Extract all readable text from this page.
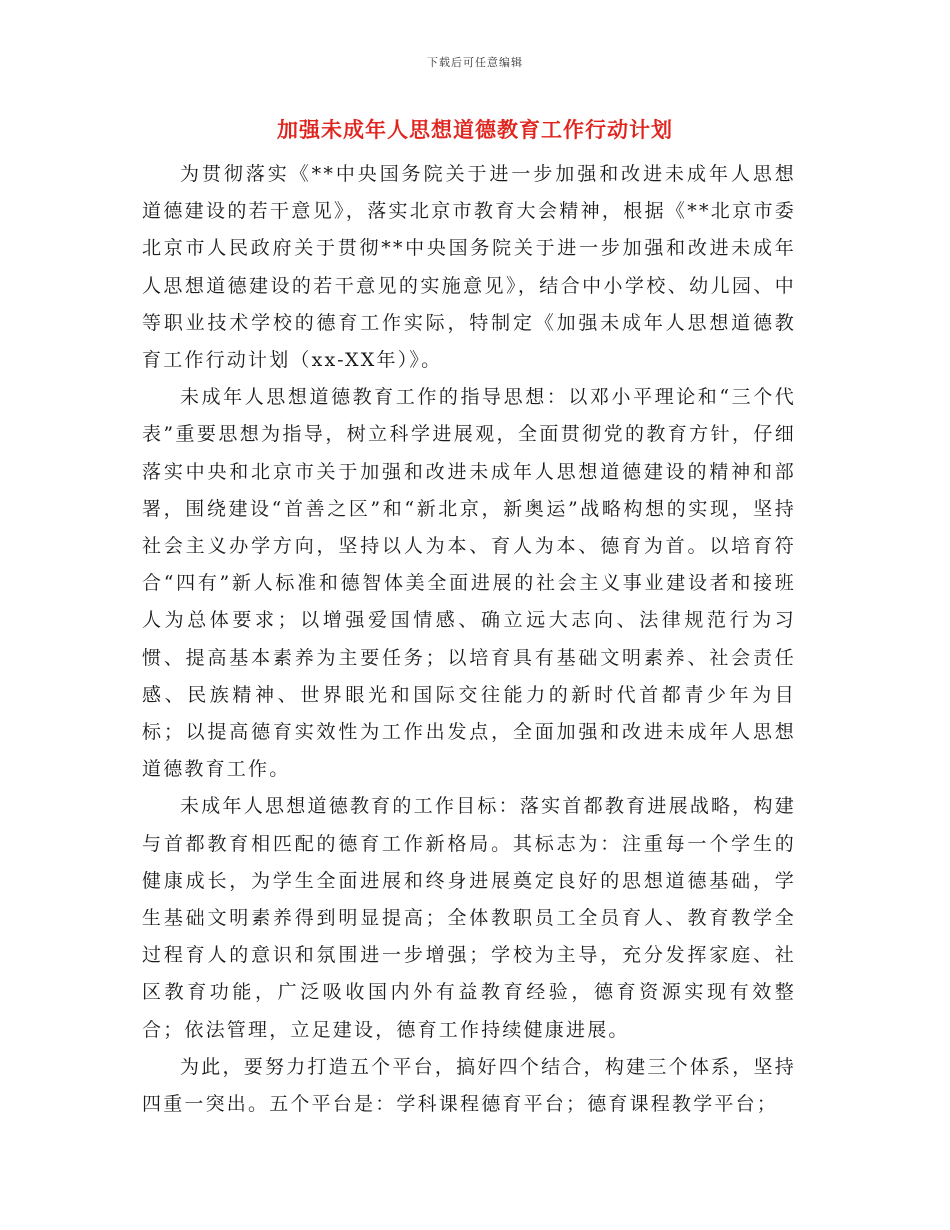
下载后可任意编辑
加强未成年人思想道德教育工作行动计划

为贯彻落实《**中央国务院关于进一步加强和改进未成年人思想道德建设的若干意见》，落实北京市教育大会精神，根据《**北京市委北京市人民政府关于贯彻**中央国务院关于进一步加强和改进未成年人思想道德建设的若干意见的实施意见》，结合中小学校、幼儿园、中等职业技术学校的德育工作实际，特制定《加强未成年人思想道德教育工作行动计划（xx-XX年）》。

未成年人思想道德教育工作的指导思想：以邓小平理论和“三个代表”重要思想为指导，树立科学进展观，全面贯彻党的教育方针，仔细落实中央和北京市关于加强和改进未成年人思想道德建设的精神和部署，围绕建设“首善之区”和“新北京，新奥运”战略构想的实现，坚持社会主义办学方向，坚持以人为本、育人为本、德育为首。以培育符合“四有”新人标准和德智体美全面进展的社会主义事业建设者和接班人为总体要求；以增强爱国情感、确立远大志向、法律规范行为习惯、提高基本素养为主要任务；以培育具有基础文明素养、社会责任感、民族精神、世界眼光和国际交往能力的新时代首都青少年为目标；以提高德育实效性为工作出发点，全面加强和改进未成年人思想道德教育工作。

未成年人思想道德教育的工作目标：落实首都教育进展战略，构建与首都教育相匹配的德育工作新格局。其标志为：注重每一个学生的健康成长，为学生全面进展和终身进展奠定良好的思想道德基础，学生基础文明素养得到明显提高；全体教职员工全员育人、教育教学全过程育人的意识和氛围进一步增强；学校为主导，充分发挥家庭、社区教育功能，广泛吸收国内外有益教育经验，德育资源实现有效整合；依法管理，立足建设，德育工作持续健康进展。

为此，要努力打造五个平台，搞好四个结合，构建三个体系，坚持四重一突出。五个平台是：学科课程德育平台；德育课程教学平台；
